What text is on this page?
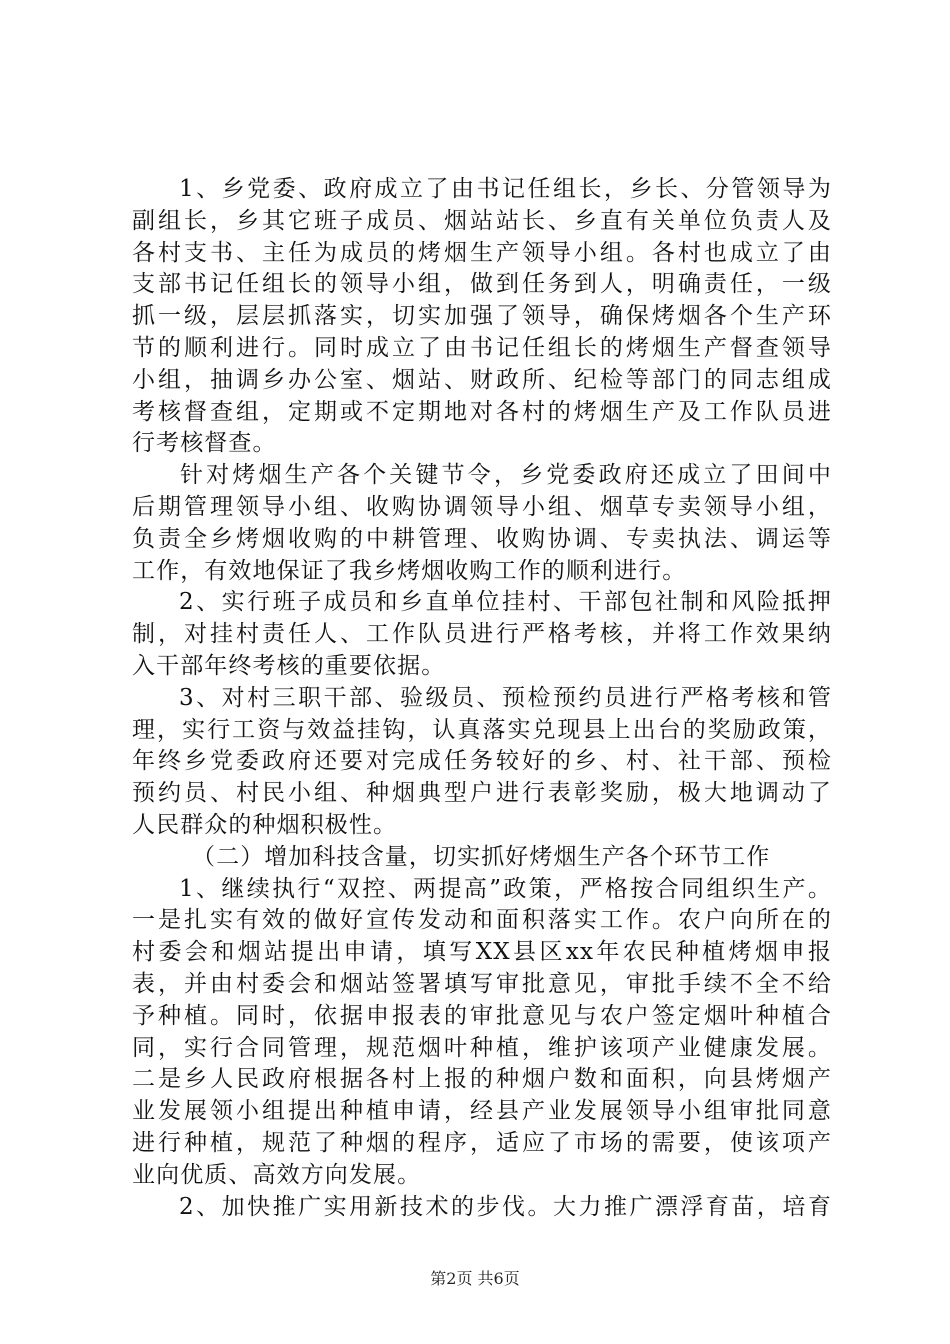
1、乡党委、政府成立了由书记任组长，乡长、分管领导为
副组长，乡其它班子成员、烟站站长、乡直有关单位负责人及
各村支书、主任为成员的烤烟生产领导小组。各村也成立了由
支部书记任组长的领导小组，做到任务到人，明确责任，一级
抓一级，层层抓落实，切实加强了领导，确保烤烟各个生产环
节的顺利进行。同时成立了由书记任组长的烤烟生产督查领导
小组，抽调乡办公室、烟站、财政所、纪检等部门的同志组成
考核督查组，定期或不定期地对各村的烤烟生产及工作队员进
行考核督查。
针对烤烟生产各个关键节令，乡党委政府还成立了田间中
后期管理领导小组、收购协调领导小组、烟草专卖领导小组，
负责全乡烤烟收购的中耕管理、收购协调、专卖执法、调运等
工作，有效地保证了我乡烤烟收购工作的顺利进行。
2、实行班子成员和乡直单位挂村、干部包社制和风险抵押
制，对挂村责任人、工作队员进行严格考核，并将工作效果纳
入干部年终考核的重要依据。
3、对村三职干部、验级员、预检预约员进行严格考核和管
理，实行工资与效益挂钩，认真落实兑现县上出台的奖励政策，
年终乡党委政府还要对完成任务较好的乡、村、社干部、预检
预约员、村民小组、种烟典型户进行表彰奖励，极大地调动了
人民群众的种烟积极性。
（二）增加科技含量，切实抓好烤烟生产各个环节工作
1、继续执行“双控、两提高”政策，严格按合同组织生产。
一是扎实有效的做好宣传发动和面积落实工作。农户向所在的
村委会和烟站提出申请，填写XX县区xx年农民种植烤烟申报
表，并由村委会和烟站签署填写审批意见，审批手续不全不给
予种植。同时，依据申报表的审批意见与农户签定烟叶种植合
同，实行合同管理，规范烟叶种植，维护该项产业健康发展。
二是乡人民政府根据各村上报的种烟户数和面积，向县烤烟产
业发展领小组提出种植申请，经县产业发展领导小组审批同意
进行种植，规范了种烟的程序，适应了市场的需要，使该项产
业向优质、高效方向发展。
2、加快推广实用新技术的步伐。大力推广漂浮育苗，培育
第2页 共6页
